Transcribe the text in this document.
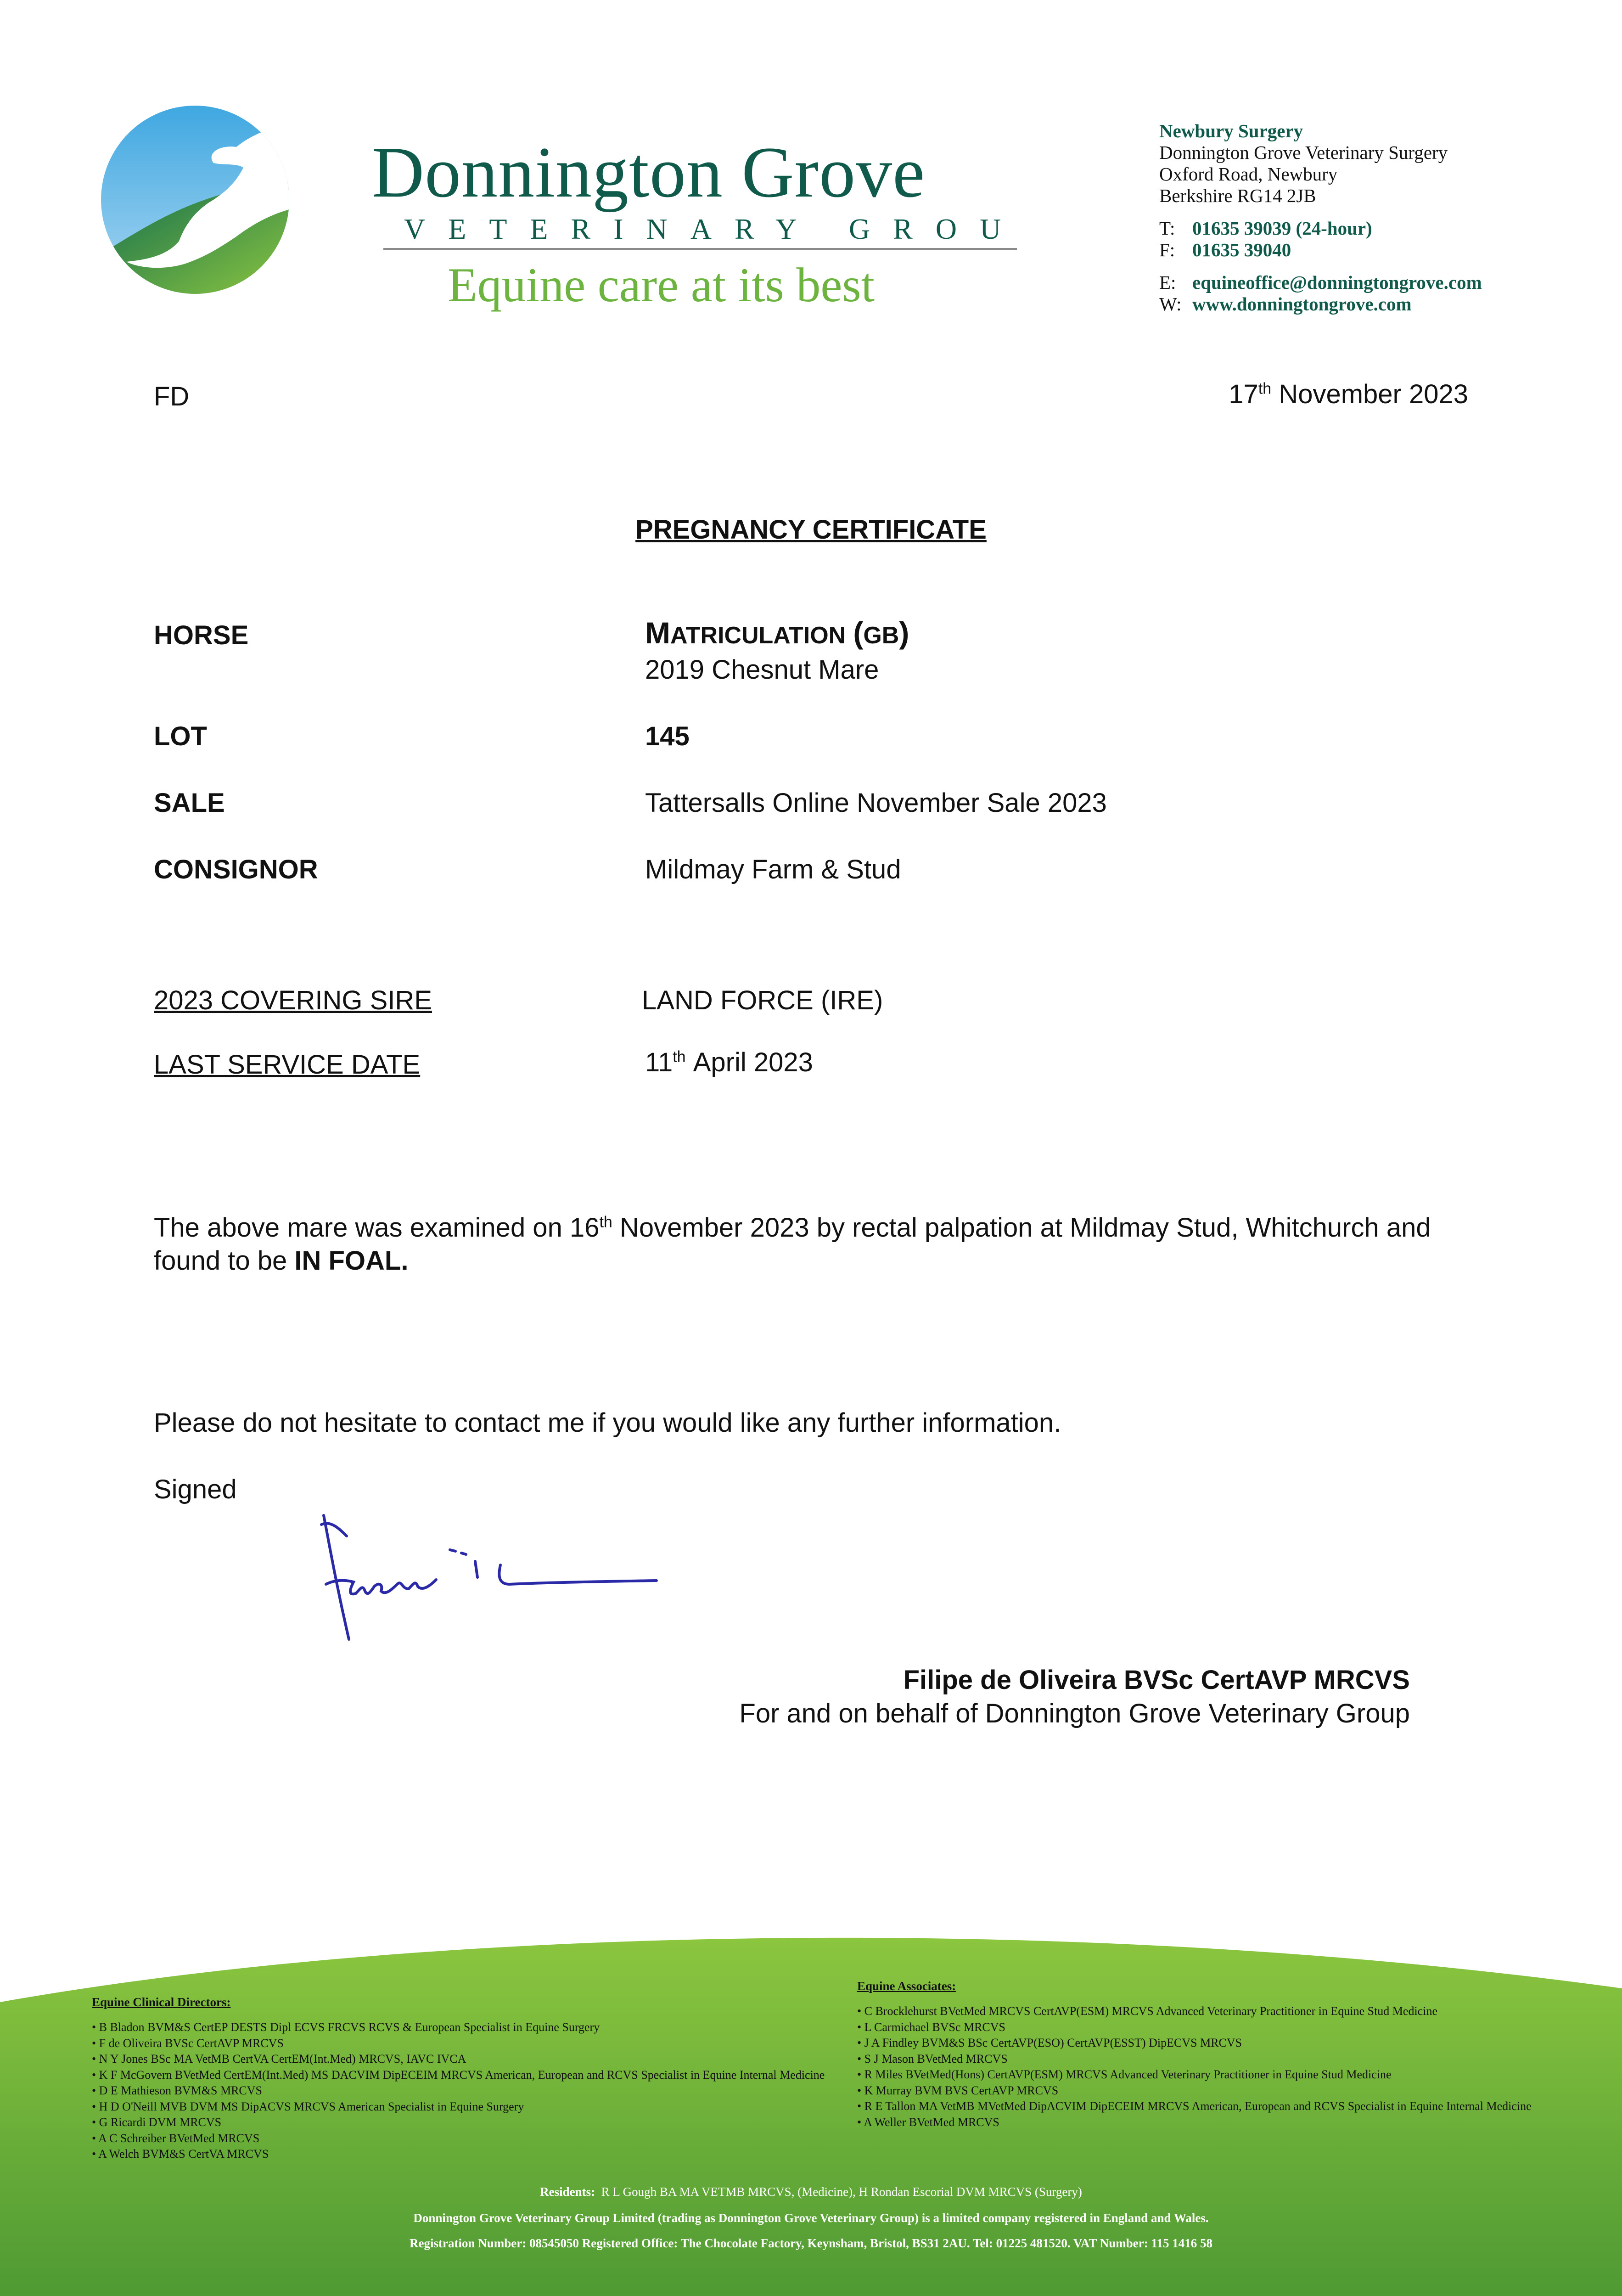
Donnington Grove
VETERINARY GROU
Equine care at its best
Newbury Surgery
Donnington Grove Veterinary Surgery
Oxford Road, Newbury
Berkshire RG14 2JB
T: 01635 39039 (24-hour)
F: 01635 39040
E: equineoffice@donningtongrove.com
W: www.donningtongrove.com
FD	17th November 2023
PREGNANCY CERTIFICATE
HORSE	MATRICULATION (GB)
2019 Chesnut Mare
LOT	145
SALE	Tattersalls Online November Sale 2023
CONSIGNOR	Mildmay Farm & Stud
2023 COVERING SIRE	LAND FORCE (IRE)
LAST SERVICE DATE	11th April 2023
The above mare was examined on 16th November 2023 by rectal palpation at Mildmay Stud, Whitchurch and
found to be IN FOAL.
Please do not hesitate to contact me if you would like any further information.
Signed
Filipe de Oliveira BVSc CertAVP MRCVS
For and on behalf of Donnington Grove Veterinary Group
Equine Clinical Directors:
• B Bladon BVM&S CertEP DESTS Dipl ECVS FRCVS RCVS & European Specialist in Equine Surgery
• F de Oliveira BVSc CertAVP MRCVS
• N Y Jones BSc MA VetMB CertVA CertEM(Int.Med) MRCVS, IAVC IVCA
• K F McGovern BVetMed CertEM(Int.Med) MS DACVIM DipECEIM MRCVS American, European and RCVS Specialist in Equine Internal Medicine
• D E Mathieson BVM&S MRCVS
• H D O'Neill MVB DVM MS DipACVS MRCVS American Specialist in Equine Surgery
• G Ricardi DVM MRCVS
• A C Schreiber BVetMed MRCVS
• A Welch BVM&S CertVA MRCVS
Equine Associates:
• C Brocklehurst BVetMed MRCVS CertAVP(ESM) MRCVS Advanced Veterinary Practitioner in Equine Stud Medicine
• L Carmichael BVSc MRCVS
• J A Findley BVM&S BSc CertAVP(ESO) CertAVP(ESST) DipECVS MRCVS
• S J Mason BVetMed MRCVS
• R Miles BVetMed(Hons) CertAVP(ESM) MRCVS Advanced Veterinary Practitioner in Equine Stud Medicine
• K Murray BVM BVS CertAVP MRCVS
• R E Tallon MA VetMB MVetMed DipACVIM DipECEIM MRCVS American, European and RCVS Specialist in Equine Internal Medicine
• A Weller BVetMed MRCVS
Residents: R L Gough BA MA VETMB MRCVS, (Medicine), H Rondan Escorial DVM MRCVS (Surgery)
Donnington Grove Veterinary Group Limited (trading as Donnington Grove Veterinary Group) is a limited company registered in England and Wales.
Registration Number: 08545050 Registered Office: The Chocolate Factory, Keynsham, Bristol, BS31 2AU. Tel: 01225 481520. VAT Number: 115 1416 58
